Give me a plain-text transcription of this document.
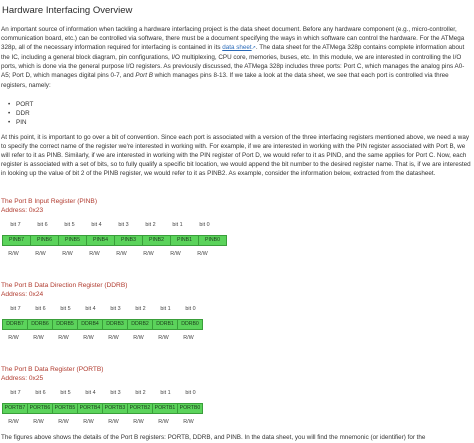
Hardware Interfacing Overview
An important source of information when tackling a hardware interfacing project is the data sheet document. Before any hardware component (e.g., micro-controller, communication board, etc.) can be controlled via software, there must be a document specifying the ways in which software can control the hardware. For the ATMega 328p, all of the necessary information required for interfacing is contained in its data sheet↗. The data sheet for the ATMega 328p contains complete information about the IC, including a general block diagram, pin configurations, I/O multiplexing, CPU core, memories, buses, etc. In this module, we are interested in controlling the I/O ports, which is done via the general purpose I/O registers. As previously discussed, the ATMega 328p includes three ports: Port C, which manages the analog pins A0-A5; Port D, which manages digital pins 0-7, and Port B which manages pins 8-13. If we take a look at the data sheet, we see that each port is controlled via three registers, namely:
• PORT
• DDR
• PIN
At this point, it is important to go over a bit of convention. Since each port is associated with a version of the three interfacing registers mentioned above, we need a way to specify the correct name of the register we're interested in working with. For example, if we are interested in working with the PIN register associated with Port B, we will refer to it as PINB. Similarly, if we are interested in working with the PIN register of Port D, we would refer to it as PIND, and the same applies for Port C. Now, each register is associated with a set of bits, so to fully qualify a specific bit location, we would append the bit number to the desired register name. That is, if we are interested in looking up the value of bit 2 of the PINB register, we would refer to it as PINB2. As example, consider the information below, extracted from the datasheet.
The Port B Input Register (PINB)
Address: 0x23
bit 7	bit 6	bit 5	bit 4	bit 3	bit 2	bit 1	bit 0
PINB7	PINB6	PINB5	PINB4	PINB3	PINB2	PINB1	PINB0
R/W	R/W	R/W	R/W	R/W	R/W	R/W	R/W
The Port B Data Direction Register (DDRB)
Address: 0x24
bit 7	bit 6	bit 5	bit 4	bit 3	bit 2	bit 1	bit 0
DDRB7	DDRB6	DDRB5	DDRB4	DDRB3	DDRB2	DDRB1	DDRB0
R/W	R/W	R/W	R/W	R/W	R/W	R/W	R/W
The Port B Data Register (PORTB)
Address: 0x25
bit 7	bit 6	bit 5	bit 4	bit 3	bit 2	bit 1	bit 0
PORTB7 PORTB6 PORTB5 PORTB4 PORTB3 PORTB2 PORTB1 PORTB0
R/W	R/W	R/W	R/W	R/W	R/W	R/W	R/W
The figures above shows the details of the Port B registers: PORTB, DDRB, and PINB. In the data sheet, you will find the mnemonic (or identifier) for the
